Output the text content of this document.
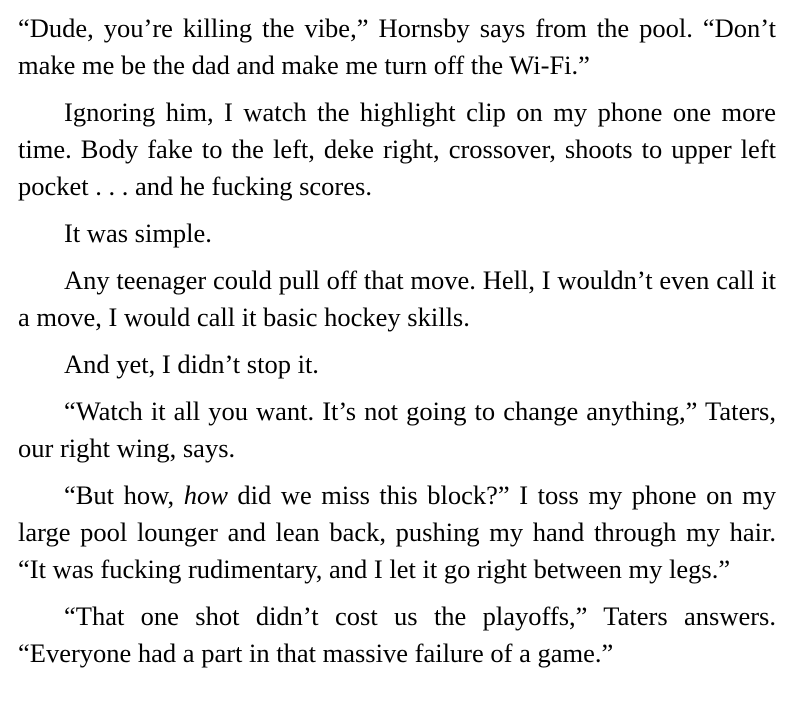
“Dude, you’re killing the vibe,” Hornsby says from the pool. “Don’t make me be the dad and make me turn off the Wi-Fi.”

Ignoring him, I watch the highlight clip on my phone one more time. Body fake to the left, deke right, crossover, shoots to upper left pocket . . . and he fucking scores.

It was simple.

Any teenager could pull off that move. Hell, I wouldn’t even call it a move, I would call it basic hockey skills.

And yet, I didn’t stop it.

“Watch it all you want. It’s not going to change anything,” Taters, our right wing, says.

“But how, how did we miss this block?” I toss my phone on my large pool lounger and lean back, pushing my hand through my hair. “It was fucking rudimentary, and I let it go right between my legs.”

“That one shot didn’t cost us the playoffs,” Taters answers. “Everyone had a part in that massive failure of a game.”
